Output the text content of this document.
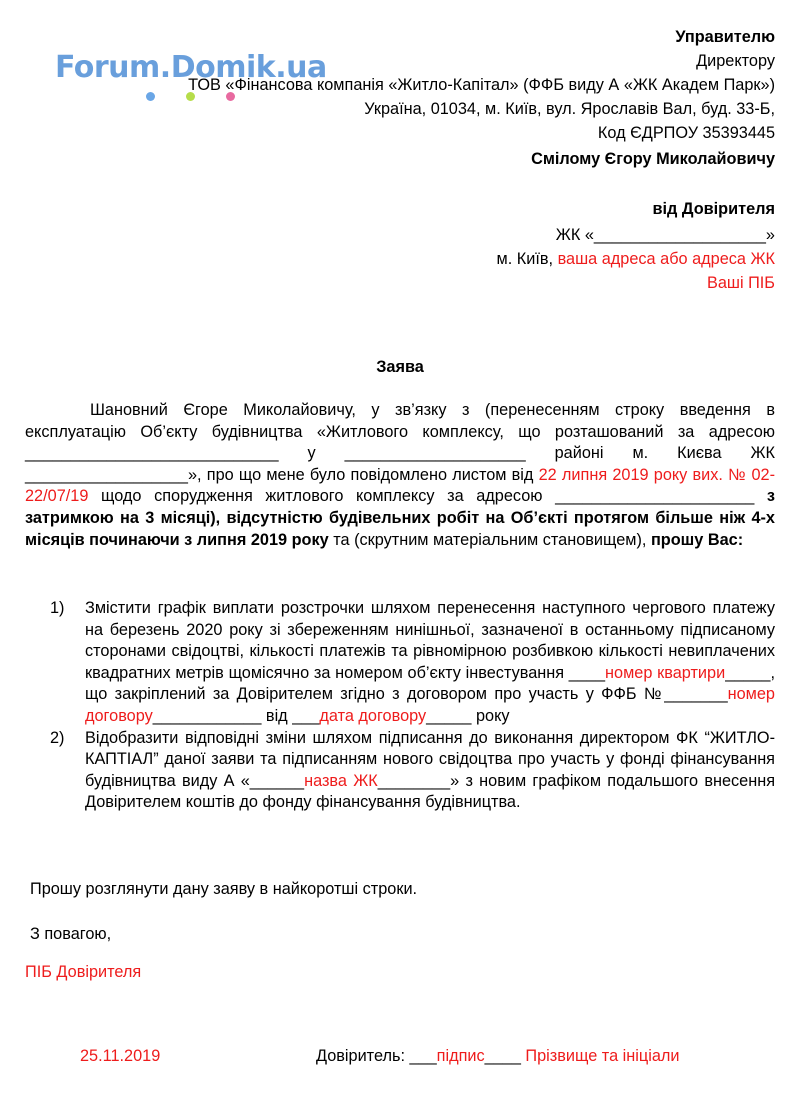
Forum.Domik.ua
Управителю
Директору
ТОВ «Фінансова компанія «Житло-Капітал» (ФФБ виду А «ЖК Академ Парк»)
Україна, 01034, м. Київ, вул. Ярославів Вал, буд. 33-Б,
Код ЄДРПОУ 35393445
Смілому Єгору Миколайовичу
від Довірителя
ЖК «___________________»
м. Київ, ваша адреса або адреса ЖК
Ваші ПІБ
Заява
Шановний Єгоре Миколайовичу, у зв’язку з (перенесенням строку введення в експлуатацію Об’єкту будівництва «Житлового комплексу, що розташований за адресою ____________________________ у ____________________ районі м. Києва ЖК __________________», про що мене було повідомлено листом від 22 липня 2019 року вих. № 02-22/07/19 щодо спорудження житлового комплексу за адресою ______________________ з затримкою на 3 місяці), відсутністю будівельних робіт на Об’єкті протягом більше ніж 4-х місяців починаючи з липня 2019 року та (скрутним матеріальним становищем), прошу Вас:
1) Змістити графік виплати розстрочки шляхом перенесення наступного чергового платежу на березень 2020 року зі збереженням нинішньої, зазначеної в останньому підписаному сторонами свідоцтві, кількості платежів та рівномірною розбивкою кількості невиплачених квадратних метрів щомісячно за номером об’єкту інвестування ____номер квартири_____, що закріплений за Довірителем згідно з договором про участь у ФФБ №_______номер договору____________ від ___дата договору_____ року
2) Відобразити відповідні зміни шляхом підписання до виконання директором ФК “ЖИТЛО-КАПТІАЛ” даної заяви та підписанням нового свідоцтва про участь у фонді фінансування будівництва виду А «______назва ЖК________» з новим графіком подальшого внесення Довірителем коштів до фонду фінансування будівництва.
Прошу розглянути дану заяву в найкоротші строки.
З повагою,
ПІБ Довірителя
25.11.2019	Довіритель: ___підпис____ Прізвище та ініціали
